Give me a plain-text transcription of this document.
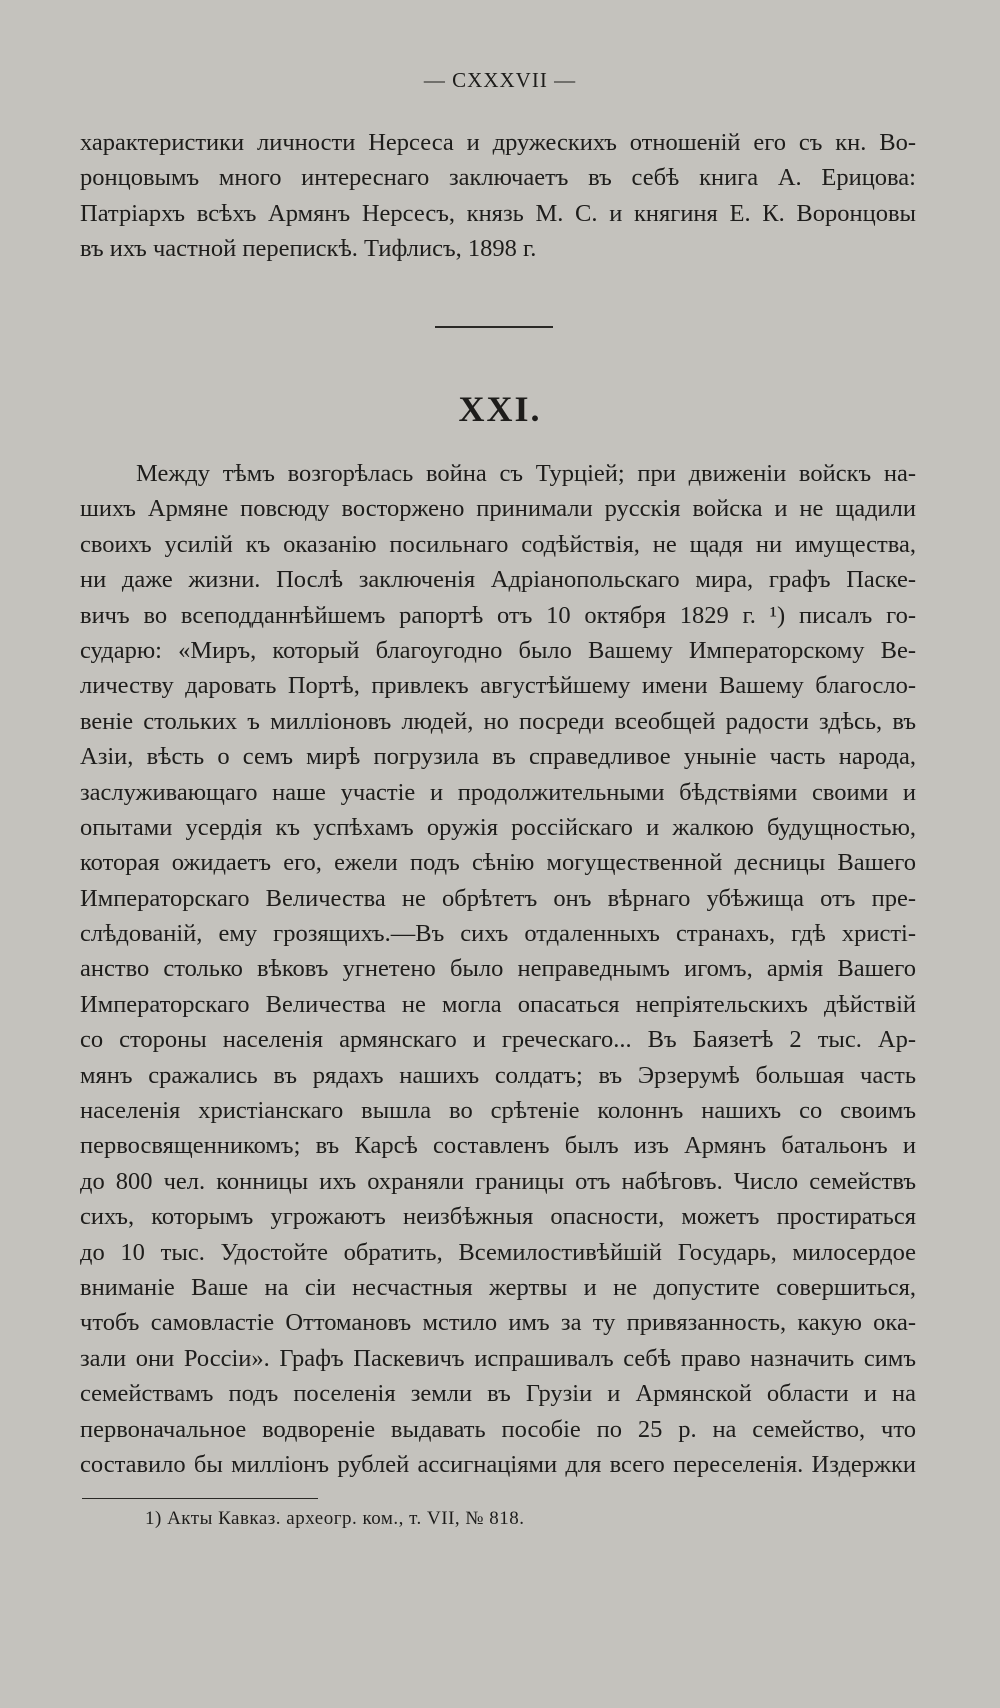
— CXXXVII —
характеристики личности Нерсеса и дружескихъ отношеній его съ кн. Во-
ронцовымъ много интереснаго заключаетъ въ себѣ книга А. Ерицова:
Патріархъ всѣхъ Армянъ Нерсесъ, князь М. С. и княгиня Е. К. Воронцовы
въ ихъ частной перепискѣ. Тифлисъ, 1898 г.
XXI.
Между тѣмъ возгорѣлась война съ Турціей; при движеніи войскъ на-
шихъ Армяне повсюду восторжено принимали русскія войска и не щадили
своихъ усилій къ оказанію посильнаго содѣйствія, не щадя ни имущества,
ни даже жизни. Послѣ заключенія Адріанопольскаго мира, графъ Паске-
вичъ во всеподданнѣйшемъ рапортѣ отъ 10 октября 1829 г. ¹) писалъ го-
сударю: «Миръ, который благоугодно было Вашему Императорскому Ве-
личеству даровать Портѣ, привлекъ августѣйшему имени Вашему благосло-
веніе стольких ъ милліоновъ людей, но посреди всеобщей радости здѣсь, въ
Азіи, вѣсть о семъ мирѣ погрузила въ справедливое уныніе часть народа,
заслуживающаго наше участіе и продолжительными бѣдствіями своими и
опытами усердія къ успѣхамъ оружія россійскаго и жалкою будущностью,
которая ожидаетъ его, ежели подъ сѣнію могущественной десницы Вашего
Императорскаго Величества не обрѣтетъ онъ вѣрнаго убѣжища отъ пре-
слѣдованій, ему грозящихъ.—Въ сихъ отдаленныхъ странахъ, гдѣ христі-
анство столько вѣковъ угнетено было неправеднымъ игомъ, армія Вашего
Императорскаго Величества не могла опасаться непріятельскихъ дѣйствій
со стороны населенія армянскаго и греческаго... Въ Баязетѣ 2 тыс. Ар-
мянъ сражались въ рядахъ нашихъ солдатъ; въ Эрзерумѣ большая часть
населенія христіанскаго вышла во срѣтеніе колоннъ нашихъ со своимъ
первосвященникомъ; въ Карсѣ составленъ былъ изъ Армянъ батальонъ и
до 800 чел. конницы ихъ охраняли границы отъ набѣговъ. Число семействъ
сихъ, которымъ угрожаютъ неизбѣжныя опасности, можетъ простираться
до 10 тыс. Удостойте обратить, Всемилостивѣйшій Государь, милосердое
вниманіе Ваше на сіи несчастныя жертвы и не допустите совершиться,
чтобъ самовластіе Оттомановъ мстило имъ за ту привязанность, какую ока-
зали они Россіи». Графъ Паскевичъ испрашивалъ себѣ право назначить симъ
семействамъ подъ поселенія земли въ Грузіи и Армянской области и на
первоначальное водвореніе выдавать пособіе по 25 р. на семейство, что
составило бы милліонъ рублей ассигнаціями для всего переселенія. Издержки
1) Акты Кавказ. археогр. ком., т. VII, № 818.
